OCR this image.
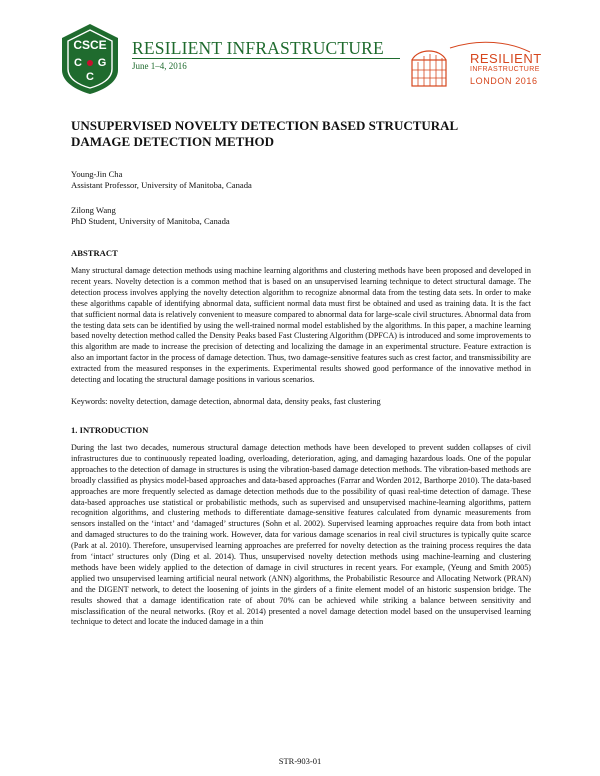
CSCE
C G
C
RESILIENT INFRASTRUCTURE
June 1–4, 2016	RESILIENT
INFRASTRUCTURE
LONDON 2016
UNSUPERVISED NOVELTY DETECTION BASED STRUCTURAL
DAMAGE DETECTION METHOD
Young-Jin Cha
Assistant Professor, University of Manitoba, Canada
Zilong Wang
PhD Student, University of Manitoba, Canada
ABSTRACT

Many structural damage detection methods using machine learning algorithms and clustering methods have been proposed and developed in recent years. Novelty detection is a common method that is based on an unsupervised learning technique to detect structural damage. The detection process involves applying the novelty detection algorithm to recognize abnormal data from the testing data sets. In order to make these algorithms capable of identifying abnormal data, sufficient normal data must first be obtained and used as training data. It is the fact that sufficient normal data is relatively convenient to measure compared to abnormal data for large-scale civil structures. Abnormal data from the testing data sets can be identified by using the well-trained normal model established by the algorithms. In this paper, a machine learning based novelty detection method called the Density Peaks based Fast Clustering Algorithm (DPFCA) is introduced and some improvements to this algorithm are made to increase the precision of detecting and localizing the damage in an experimental structure. Feature extraction is also an important factor in the process of damage detection. Thus, two damage-sensitive features such as crest factor, and transmissibility are extracted from the measured responses in the experiments. Experimental results showed good performance of the innovative method in detecting and locating the structural damage positions in various scenarios.

Keywords: novelty detection, damage detection, abnormal data, density peaks, fast clustering

1. INTRODUCTION

During the last two decades, numerous structural damage detection methods have been developed to prevent sudden collapses of civil infrastructures due to continuously repeated loading, overloading, deterioration, aging, and damaging hazardous loads. One of the popular approaches to the detection of damage in structures is using the vibration-based damage detection methods. The vibration-based methods are broadly classified as physics model-based approaches and data-based approaches (Farrar and Worden 2012, Barthorpe 2010). The data-based approaches are more frequently selected as damage detection methods due to the possibility of quasi real-time detection of damage. These data-based approaches use statistical or probabilistic methods, such as supervised and unsupervised machine-learning algorithms, pattern recognition algorithms, and clustering methods to differentiate damage-sensitive features calculated from dynamic measurements from sensors installed on the ‘intact’ and ‘damaged’ structures (Sohn et al. 2002). Supervised learning approaches require data from both intact and damaged structures to do the training work. However, data for various damage scenarios in real civil structures is typically quite scarce (Park at al. 2010). Therefore, unsupervised learning approaches are preferred for novelty detection as the training process requires the data from ‘intact’ structures only (Ding et al. 2014). Thus, unsupervised novelty detection methods using machine-learning and clustering methods have been widely applied to the detection of damage in civil structures in recent years. For example, (Yeung and Smith 2005) applied two unsupervised learning artificial neural network (ANN) algorithms, the Probabilistic Resource and Allocating Network (PRAN) and the DIGENT network, to detect the loosening of joints in the girders of a finite element model of an historic suspension bridge. The results showed that a damage identification rate of about 70% can be achieved while striking a balance between sensitivity and misclassification of the neural networks. (Roy et al. 2014) presented a novel damage detection model based on the unsupervised learning technique to detect and locate the induced damage in a thin

STR-903-01
